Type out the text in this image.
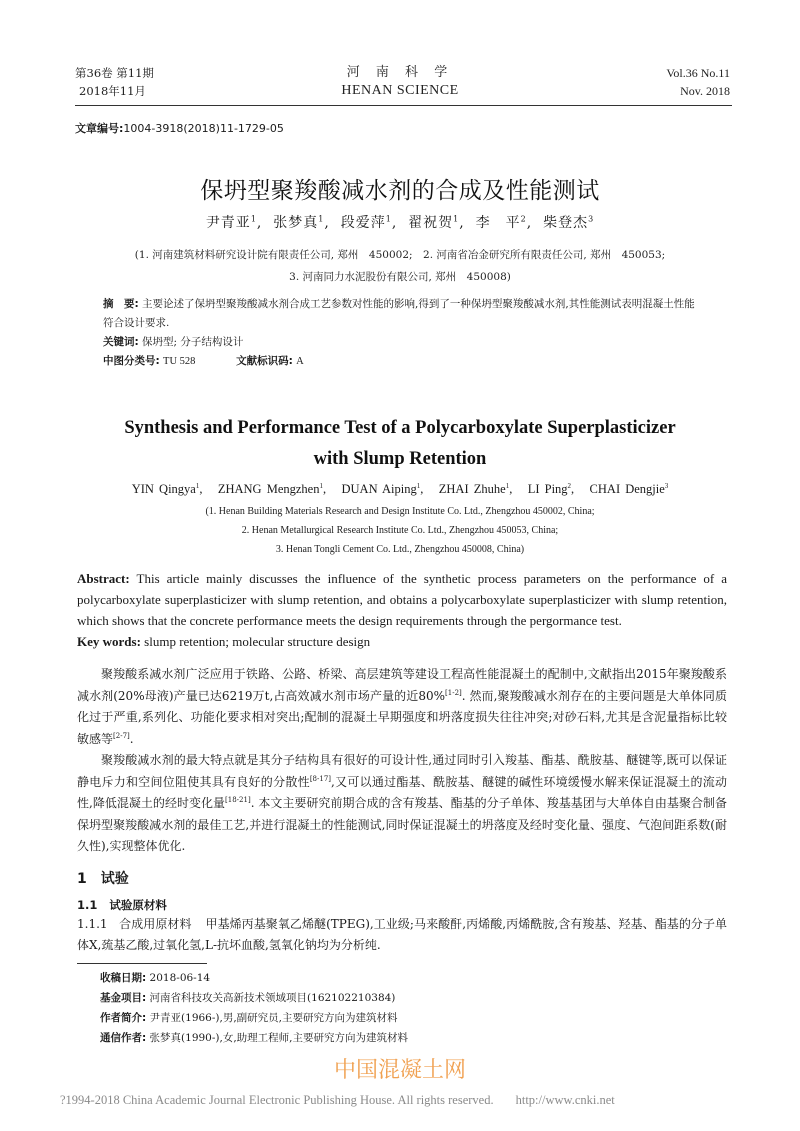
第36卷 第11期
2018年11月
河 南 科 学
HENAN SCIENCE
Vol.36 No.11
Nov. 2018
文章编号:1004-3918(2018)11-1729-05
保坍型聚羧酸减水剂的合成及性能测试
尹青亚$^1$,  张梦真$^1$,  段爱萍$^1$,  翟祝贺$^1$,  李　平$^2$,  柴登杰$^3$
(1. 河南建筑材料研究设计院有限责任公司, 郑州　450002;　2. 河南省冶金研究所有限责任公司, 郑州　450053;
3. 河南同力水泥股份有限公司, 郑州　450008)
摘　要: 主要论述了保坍型聚羧酸减水剂合成工艺参数对性能的影响,得到了一种保坍型聚羧酸减水剂,其性能测试表明混凝土性能符合设计要求.
关键词: 保坍型; 分子结构设计
中图分类号: TU 528	文献标识码: A
Synthesis and Performance Test of a Polycarboxylate Superplasticizer
with Slump Retention
YIN Qingya$^1$,   ZHANG Mengzhen$^1$,   DUAN Aiping$^1$,   ZHAI Zhuhe$^1$,   LI Ping$^2$,   CHAI Dengjie$^3$
(1. Henan Building Materials Research and Design Institute Co. Ltd., Zhengzhou 450002, China;
2. Henan Metallurgical Research Institute Co. Ltd., Zhengzhou 450053, China;
3. Henan Tongli Cement Co. Ltd., Zhengzhou 450008, China)
Abstract: This article mainly discusses the influence of the synthetic process parameters on the performance of a polycarboxylate superplasticizer with slump retention, and obtains a polycarboxylate superplasticizer with slump retention, which shows that the concrete performance meets the design requirements through the pergormance test.
Key words: slump retention; molecular structure design

聚羧酸系减水剂广泛应用于铁路、公路、桥梁、高层建筑等建设工程高性能混凝土的配制中,文献指出2015年聚羧酸系减水剂(20%母液)产量已达6219万t,占高效减水剂市场产量的近80%[1-2]. 然而,聚羧酸减水剂存在的主要问题是大单体同质化过于严重,系列化、功能化要求相对突出;配制的混凝土早期强度和坍落度损失往往冲突;对砂石料,尤其是含泥量指标比较敏感等[2-7].

聚羧酸减水剂的最大特点就是其分子结构具有很好的可设计性,通过同时引入羧基、酯基、酰胺基、醚键等,既可以保证静电斥力和空间位阻使其具有良好的分散性[8-17],又可以通过酯基、酰胺基、醚键的碱性环境缓慢水解来保证混凝土的流动性,降低混凝土的经时变化量[18-21]. 本文主要研究前期合成的含有羧基、酯基的分子单体、羧基基团与大单体自由基聚合制备保坍型聚羧酸减水剂的最佳工艺,并进行混凝土的性能测试,同时保证混凝土的坍落度及经时变化量、强度、气泡间距系数(耐久性),实现整体优化.

1 试验
1.1 试验原材料

1.1.1 合成用原材料 甲基烯丙基聚氧乙烯醚(TPEG),工业级;马来酸酐,丙烯酸,丙烯酰胺,含有羧基、羟基、酯基的分子单体X,巯基乙酸,过氧化氢,L-抗坏血酸,氢氧化钠均为分析纯.

收稿日期: 2018-06-14
基金项目: 河南省科技攻关高新技术领域项目(162102210384)
作者简介: 尹青亚(1966-),男,副研究员,主要研究方向为建筑材料
通信作者: 张梦真(1990-),女,助理工程师,主要研究方向为建筑材料
中国混凝土网
?1994-2018 China Academic Journal Electronic Publishing House. All rights reserved. http://www.cnki.net
